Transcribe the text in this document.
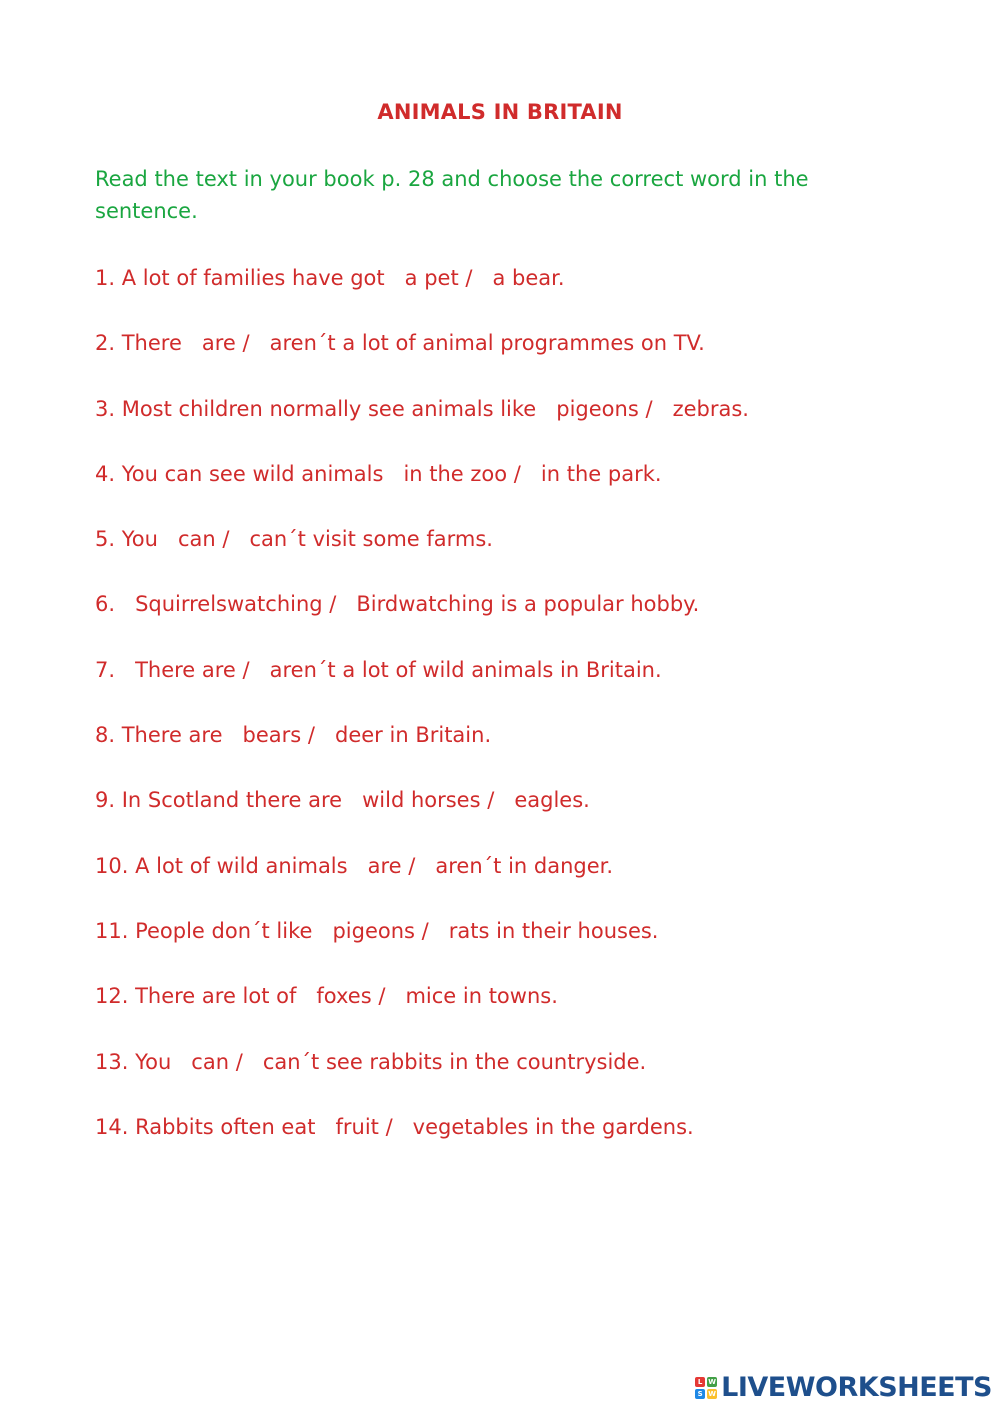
ANIMALS IN BRITAIN
Read the text in your book p. 28 and choose the correct word in the sentence.
1. A lot of families have got   a pet /   a bear.
2. There   are /   aren´t a lot of animal programmes on TV.
3. Most children normally see animals like   pigeons /   zebras.
4. You can see wild animals   in the zoo /   in the park.
5. You   can /   can´t visit some farms.
6.   Squirrelswatching /   Birdwatching is a popular hobby.
7.   There are /   aren´t a lot of wild animals in Britain.
8. There are   bears /   deer in Britain.
9. In Scotland there are   wild horses /   eagles.
10. A lot of wild animals   are /   aren´t in danger.
11. People don´t like   pigeons /   rats in their houses.
12. There are lot of   foxes /   mice in towns.
13. You   can /   can´t see rabbits in the countryside.
14. Rabbits often eat   fruit /   vegetables in the gardens.
L W
S W LIVEWORKSHEETS
